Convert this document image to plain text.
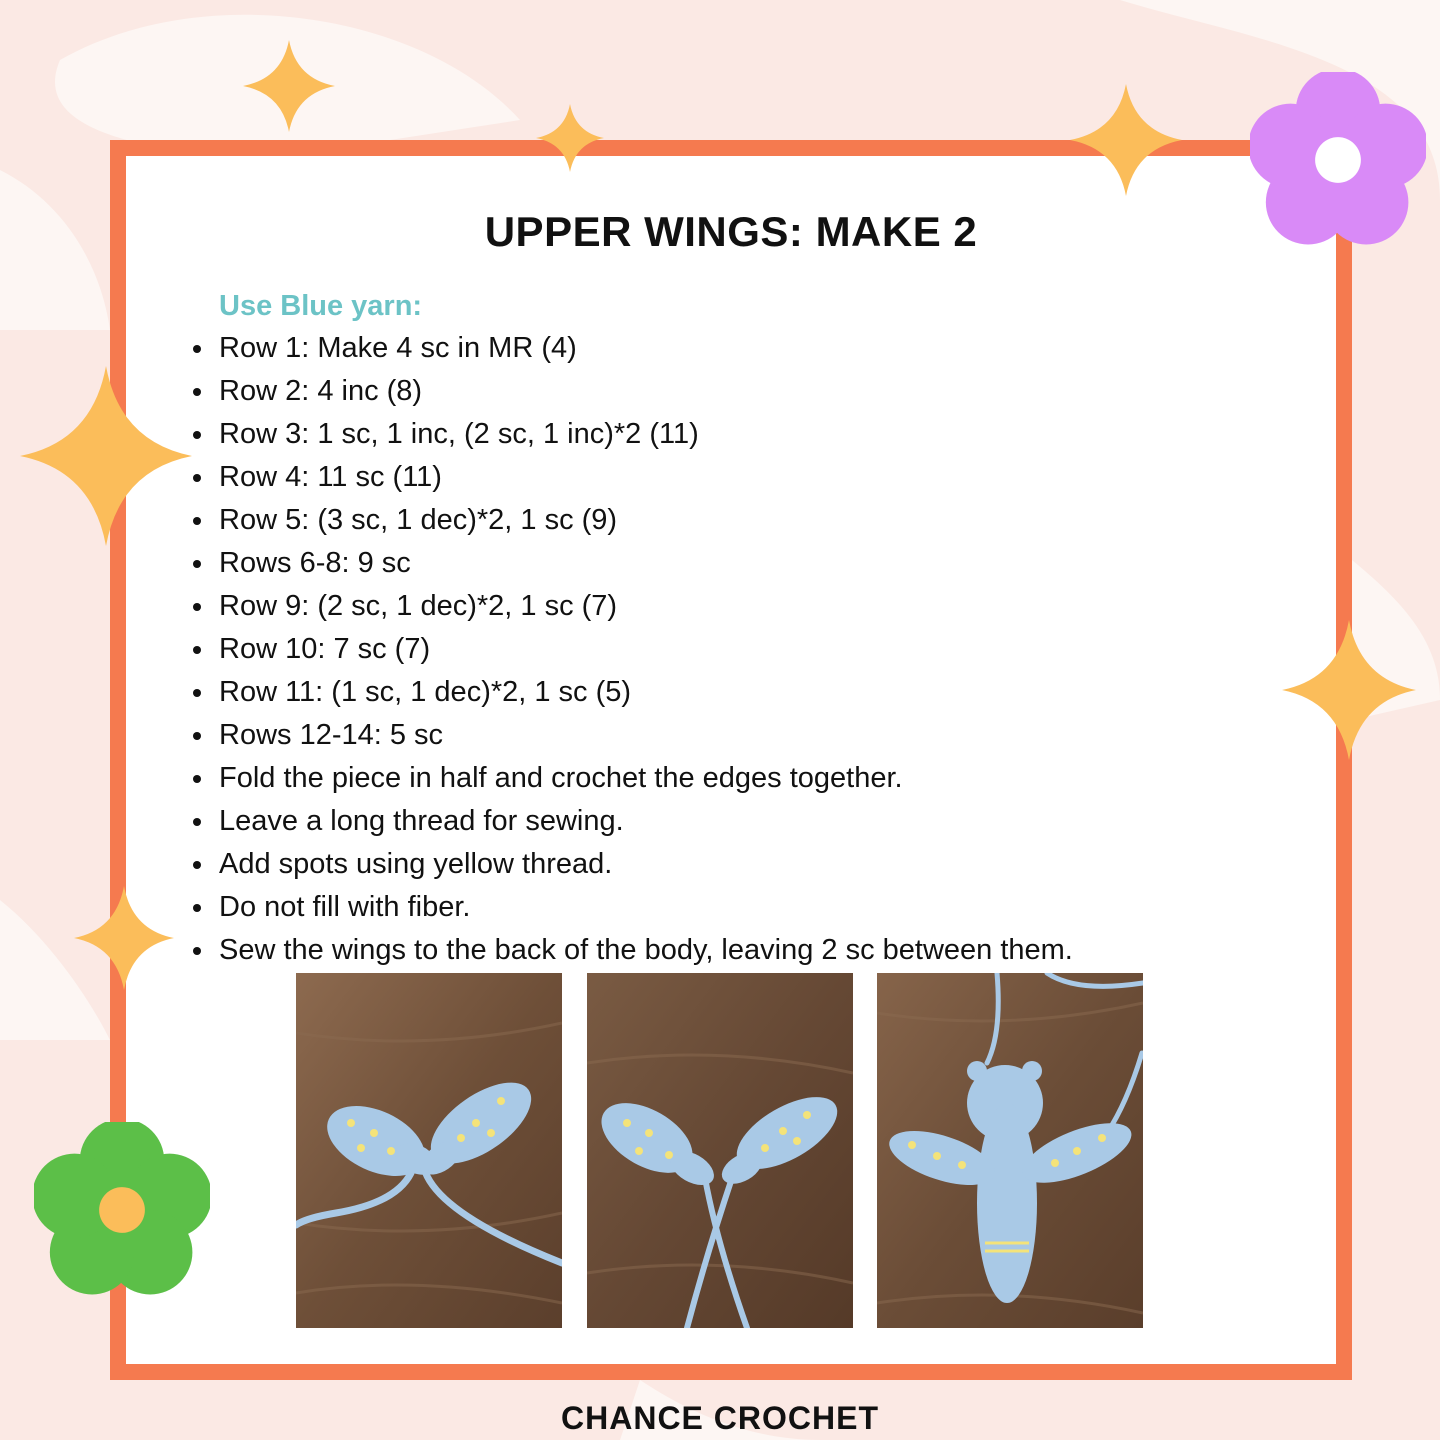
UPPER WINGS: MAKE 2
Use Blue yarn:
Row 1: Make 4 sc in MR (4)
Row 2: 4 inc (8)
Row 3: 1 sc, 1 inc, (2 sc, 1 inc)*2 (11)
Row 4: 11 sc (11)
Row 5: (3 sc, 1 dec)*2, 1 sc (9)
Rows 6-8: 9 sc
Row 9: (2 sc, 1 dec)*2, 1 sc (7)
Row 10: 7 sc (7)
Row 11: (1 sc, 1 dec)*2, 1 sc (5)
Rows 12-14: 5 sc
Fold the piece in half and crochet the edges together.
Leave a long thread for sewing.
Add spots using yellow thread.
Do not fill with fiber.
Sew the wings to the back of the body, leaving 2 sc between them.
CHANCE CROCHET
